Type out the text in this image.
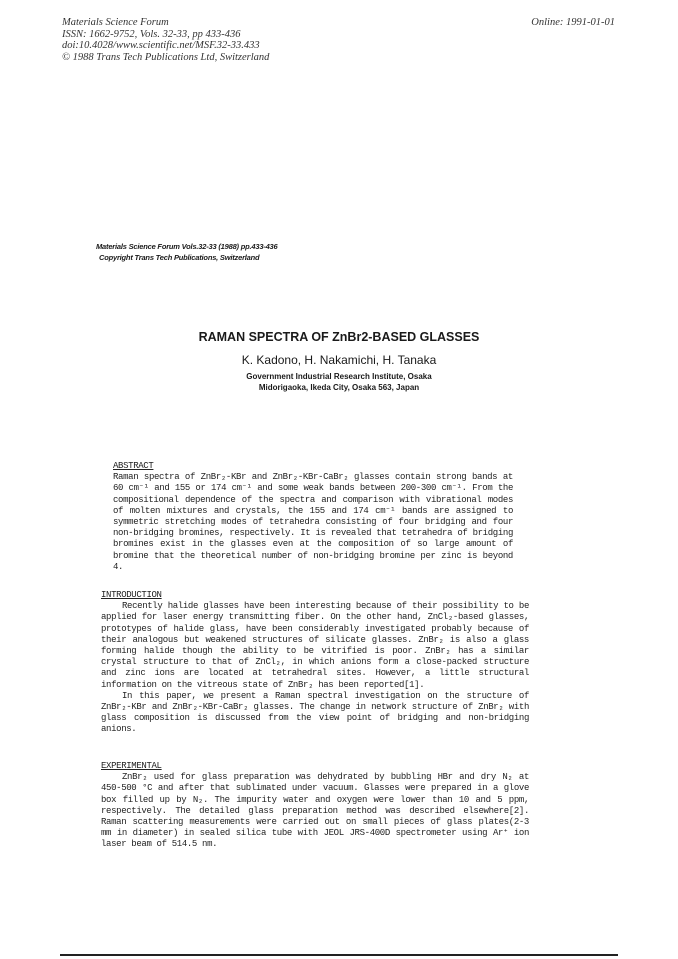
Materials Science Forum
ISSN: 1662-9752, Vols. 32-33, pp 433-436
doi:10.4028/www.scientific.net/MSF.32-33.433
© 1988 Trans Tech Publications Ltd, Switzerland
Online: 1991-01-01
Materials Science Forum Vols.32-33 (1988) pp.433-436
Copyright Trans Tech Publications, Switzerland
RAMAN SPECTRA OF ZnBr2-BASED GLASSES
K. Kadono, H. Nakamichi, H. Tanaka
Government Industrial Research Institute, Osaka
Midorigaoka, Ikeda City, Osaka 563, Japan
ABSTRACT
Raman spectra of ZnBr₂-KBr and ZnBr₂-KBr-CaBr₂ glasses contain strong bands at 60 cm⁻¹ and 155 or 174 cm⁻¹ and some weak bands between 200-300 cm⁻¹. From the compositional dependence of the spectra and comparison with vibrational modes of molten mixtures and crystals, the 155 and 174 cm⁻¹ bands are assigned to symmetric stretching modes of tetrahedra consisting of four bridging and four non-bridging bromines, respectively. It is revealed that tetrahedra of bridging bromines exist in the glasses even at the composition of so large amount of bromine that the theoretical number of non-bridging bromine per zinc is beyond 4.
INTRODUCTION
Recently halide glasses have been interesting because of their possibility to be applied for laser energy transmitting fiber. On the other hand, ZnCl₂-based glasses, prototypes of halide glass, have been considerably investigated probably because of their analogous but weakened structures of silicate glasses. ZnBr₂ is also a glass forming halide though the ability to be vitrified is poor. ZnBr₂ has a similar crystal structure to that of ZnCl₂, in which anions form a close-packed structure and zinc ions are located at tetrahedral sites. However, a little structural information on the vitreous state of ZnBr₂ has been reported[1].
In this paper, we present a Raman spectral investigation on the structure of ZnBr₂-KBr and ZnBr₂-KBr-CaBr₂ glasses. The change in network structure of ZnBr₂ with glass composition is discussed from the view point of bridging and non-bridging anions.
EXPERIMENTAL
ZnBr₂ used for glass preparation was dehydrated by bubbling HBr and dry N₂ at 450-500 °C and after that sublimated under vacuum. Glasses were prepared in a glove box filled up by N₂. The impurity water and oxygen were lower than 10 and 5 ppm, respectively. The detailed glass preparation method was described elsewhere[2]. Raman scattering measurements were carried out on small pieces of glass plates(2-3 mm in diameter) in sealed silica tube with JEOL JRS-400D spectrometer using Ar⁺ ion laser beam of 514.5 nm.
